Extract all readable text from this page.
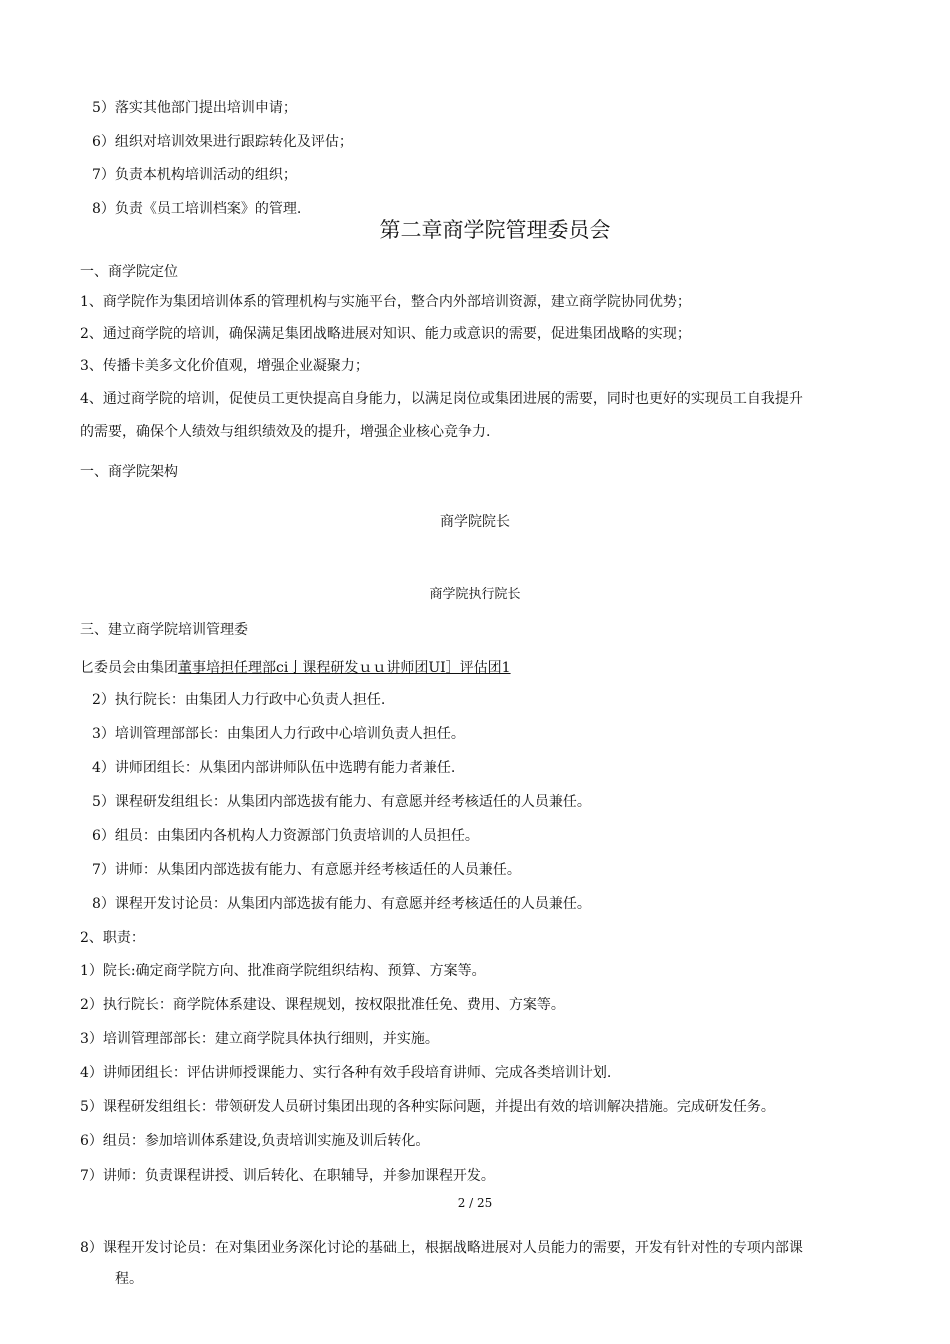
5）落实其他部门提出培训申请；
6）组织对培训效果进行跟踪转化及评估；
7）负责本机构培训活动的组织；
8）负责《员工培训档案》的管理.
第二章商学院管理委员会
一、商学院定位
1、商学院作为集团培训体系的管理机构与实施平台，整合内外部培训资源，建立商学院协同优势；
2、通过商学院的培训，确保满足集团战略进展对知识、能力或意识的需要，促进集团战略的实现；
3、传播卡美多文化价值观，增强企业凝聚力；
4、通过商学院的培训，促使员工更快提高自身能力，以满足岗位或集团进展的需要，同时也更好的实现员工自我提升
的需要，确保个人绩效与组织绩效及的提升，增强企业核心竞争力.
一、商学院架构
商学院院长
商学院执行院长
三、建立商学院培训管理委
匕委员会由集团董事培担任理部ci亅课程研发ｕｕ讲师团UI］评估团1
2）执行院长：由集团人力行政中心负责人担任.
3）培训管理部部长：由集团人力行政中心培训负责人担任。
4）讲师团组长：从集团内部讲师队伍中选聘有能力者兼任.
5）课程研发组组长：从集团内部选拔有能力、有意愿并经考核适任的人员兼任。
6）组员：由集团内各机构人力资源部门负责培训的人员担任。
7）讲师：从集团内部选拔有能力、有意愿并经考核适任的人员兼任。
8）课程开发讨论员：从集团内部选拔有能力、有意愿并经考核适任的人员兼任。
2、职责：
1）院长:确定商学院方向、批准商学院组织结构、预算、方案等。
2）执行院长：商学院体系建设、课程规划，按权限批准任免、费用、方案等。
3）培训管理部部长：建立商学院具体执行细则，并实施。
4）讲师团组长：评估讲师授课能力、实行各种有效手段培育讲师、完成各类培训计划.
5）课程研发组组长：带领研发人员研讨集团出现的各种实际问题，并提出有效的培训解决措施。完成研发任务。
6）组员：参加培训体系建设,负责培训实施及训后转化。
7）讲师：负责课程讲授、训后转化、在职辅导，并参加课程开发。
2 / 25
8）课程开发讨论员：在对集团业务深化讨论的基础上，根据战略进展对人员能力的需要，开发有针对性的专项内部课
程。
